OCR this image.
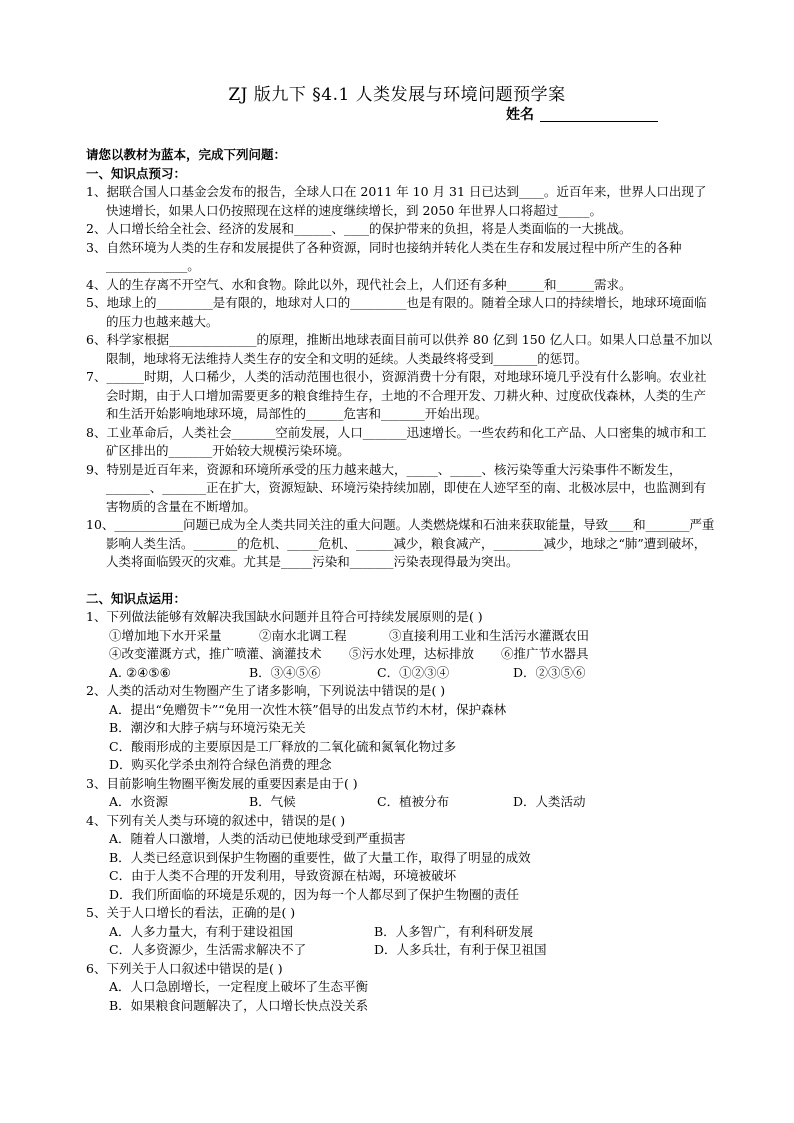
ZJ 版九下 §4.1 人类发展与环境问题预学案
姓名

请您以教材为蓝本，完成下列问题：

一、知识点预习：

1、据联合国人口基金会发布的报告，全球人口在 2011 年 10 月 31 日已达到____。近百年来，世界人口出现了快速增长，如果人口仍按照现在这样的速度继续增长，到 2050 年世界人口将超过_____。

2、人口增长给全社会、经济的发展和______、____的保护带来的负担，将是人类面临的一大挑战。

3、自然环境为人类的生存和发展提供了各种资源，同时也接纳并转化人类在生存和发展过程中所产生的各种_____________。

4、人的生存离不开空气、水和食物。除此以外，现代社会上，人们还有多种______和______需求。

5、地球上的_________是有限的，地球对人口的_________也是有限的。随着全球人口的持续增长，地球环境面临的压力也越来越大。

6、科学家根据______________的原理，推断出地球表面目前可以供养 80 亿到 150 亿人口。如果人口总量不加以限制，地球将无法维持人类生存的安全和文明的延续。人类最终将受到_______的惩罚。

7、______时期，人口稀少，人类的活动范围也很小，资源消费十分有限，对地球环境几乎没有什么影响。农业社会时期，由于人口增加需要更多的粮食维持生存，土地的不合理开发、刀耕火种、过度砍伐森林，人类的生产和生活开始影响地球环境，局部性的______危害和_______开始出现。

8、工业革命后，人类社会_______空前发展，人口_______迅速增长。一些农药和化工产品、人口密集的城市和工矿区排出的_______开始较大规模污染环境。

9、特别是近百年来，资源和环境所承受的压力越来越大，_____、_____、核污染等重大污染事件不断发生，_______、_______正在扩大，资源短缺、环境污染持续加剧，即使在人迹罕至的南、北极冰层中，也监测到有害物质的含量在不断增加。

10、___________问题已成为全人类共同关注的重大问题。人类燃烧煤和石油来获取能量，导致____和_______严重影响人类生活。_______的危机、_____危机、______减少，粮食减产，________减少，地球之“肺”遭到破坏，人类将面临毁灭的灾难。尤其是_____污染和_______污染表现得最为突出。

二、知识点运用：

1、下列做法能够有效解决我国缺水问题并且符合可持续发展原则的是( )

①增加地下水开采量	②南水北调工程	③直接利用工业和生活污水灌溉农田
④改变灌溉方式，推广喷灌、滴灌技术	⑤污水处理，达标排放	⑥推广节水器具
A. ②④⑤⑥	B．③④⑤⑥	C．①②③④	D．②③⑤⑥

2、人类的活动对生物圈产生了诸多影响，下列说法中错误的是( )

A．提出“免赠贺卡”“免用一次性木筷”倡导的出发点节约木材，保护森林

B．潮汐和大脖子病与环境污染无关

C．酸雨形成的主要原因是工厂释放的二氧化硫和氮氧化物过多

D．购买化学杀虫剂符合绿色消费的理念

3、目前影响生物圈平衡发展的重要因素是由于( )

A．水资源	B．气候	C．植被分布	D．人类活动

4、下列有关人类与环境的叙述中，错误的是( )

A．随着人口激增，人类的活动已使地球受到严重损害

B．人类已经意识到保护生物圈的重要性，做了大量工作，取得了明显的成效

C．由于人类不合理的开发利用，导致资源在枯竭，环境被破坏

D．我们所面临的环境是乐观的，因为每一个人都尽到了保护生物圈的责任

5、关于人口增长的看法，正确的是( )

A．人多力量大，有利于建设祖国	B．人多智广，有利科研发展
C．人多资源少，生活需求解决不了	D．人多兵壮，有利于保卫祖国

6、下列关于人口叙述中错误的是( )

A．人口急剧增长，一定程度上破坏了生态平衡

B．如果粮食问题解决了，人口增长快点没关系
